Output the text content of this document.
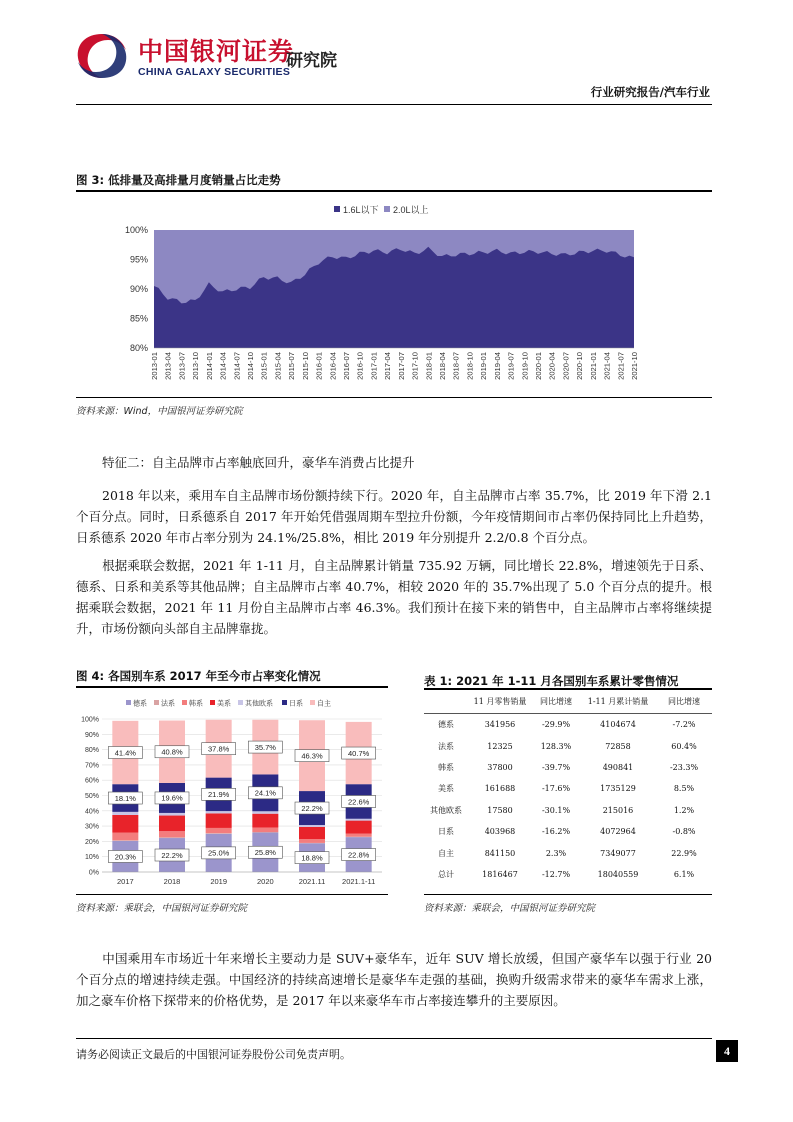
中国银河证券
CHINA GALAXY SECURITIES
研究院
行业研究报告/汽车行业
图 3: 低排量及高排量月度销量占比走势
1.6L以下 2.0L以上
80%
85%
90%
95%
100%
2013-01 2013-04 2013-07 2013-10 2014-01 2014-04 2014-07 2014-10 2015-01 2015-04 2015-07 2015-10 2016-01 2016-04 2016-07 2016-10 2017-01 2017-04 2017-07 2017-10 2018-01 2018-04 2018-07 2018-10 2019-01 2019-04 2019-07 2019-10 2020-01 2020-04 2020-07 2020-10 2021-01 2021-04 2021-07 2021-10
资料来源：Wind，中国银河证券研究院
特征二：自主品牌市占率触底回升，豪华车消费占比提升
2018 年以来，乘用车自主品牌市场份额持续下行。2020 年，自主品牌市占率 35.7%，比 2019 年下滑 2.1 个百分点。同时，日系德系自 2017 年开始凭借强周期车型拉升份额，今年疫情期间市占率仍保持同比上升趋势，日系德系 2020 年市占率分别为 24.1%/25.8%，相比 2019 年分别提升 2.2/0.8 个百分点。
根据乘联会数据，2021 年 1-11 月，自主品牌累计销量 735.92 万辆，同比增长 22.8%，增速领先于日系、德系、日系和美系等其他品牌；自主品牌市占率 40.7%，相较 2020 年的 35.7%出现了 5.0 个百分点的提升。根据乘联会数据，2021 年 11 月份自主品牌市占率 46.3%。我们预计在接下来的销售中，自主品牌市占率将继续提升，市场份额向头部自主品牌靠拢。
图 4: 各国别车系 2017 年至今市占率变化情况
德系 法系 韩系 美系 其他欧系 日系 自主
0%
10%
20%
30%
40%
50%
60%
70%
80%
90%
100%
20.3%
18.1%
41.4%
2017
22.2%
19.6%
40.8%
2018
25.0%
21.9%
37.8%
2019
25.8%
24.1%
35.7%
2020
18.8%
22.2%
46.3%
2021.11
22.8%
22.6%
40.7%
2021.1-11
资料来源：乘联会，中国银河证券研究院
表 1: 2021 年 1-11 月各国别车系累计零售情况
	11 月零售销量	同比增速	1-11 月累计销量	同比增速
德系	341956	-29.9%	4104674	-7.2%
法系	12325	128.3%	72858	60.4%
韩系	37800	-39.7%	490841	-23.3%
美系	161688	-17.6%	1735129	8.5%
其他欧系	17580	-30.1%	215016	1.2%
日系	403968	-16.2%	4072964	-0.8%
自主	841150	2.3%	7349077	22.9%
总计	1816467	-12.7%	18040559	6.1%
资料来源：乘联会，中国银河证券研究院
中国乘用车市场近十年来增长主要动力是 SUV+豪华车，近年 SUV 增长放缓，但国产豪华车以强于行业 20 个百分点的增速持续走强。中国经济的持续高速增长是豪华车走强的基础，换购升级需求带来的豪华车需求上涨，加之豪车价格下探带来的价格优势，是 2017 年以来豪华车市占率接连攀升的主要原因。
请务必阅读正文最后的中国银河证券股份公司免责声明。	4
